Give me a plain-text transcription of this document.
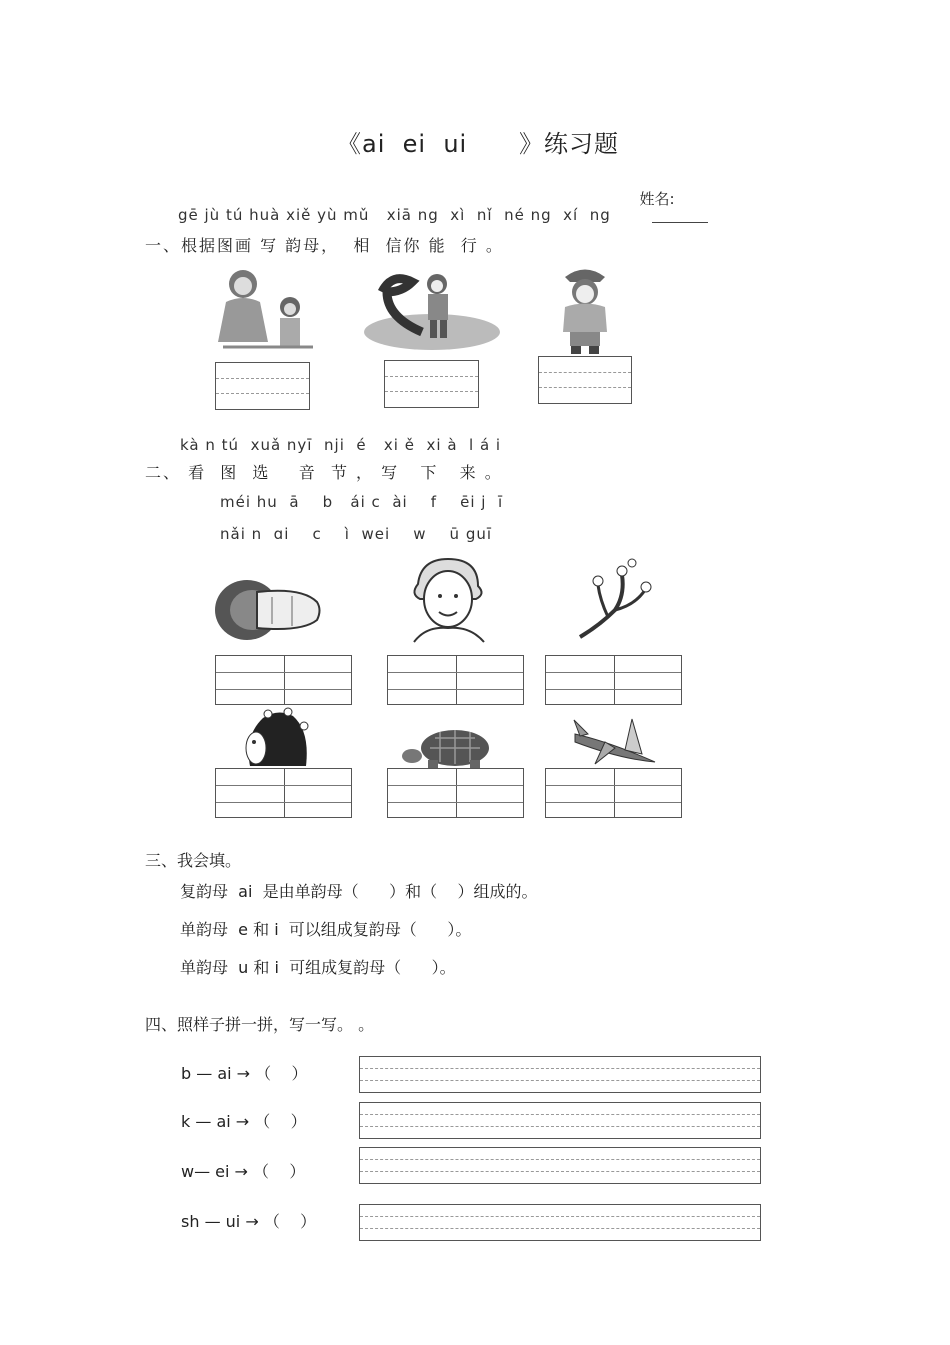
《ai  ei  ui      》练习题

姓名:

gē jù tú huà xiě yù mǔ   xiā ng  xì  nǐ  né ng  xí  ng
一、根据图画 写 韵母，  相  信你 能  行 。
kà n tú  xuǎ nyī  nji  é   xi ě  xi à  l á i
二、 看  图  选    音  节 ， 写   下   来 。
méi hu  ā    b   ái c  ài    f    ēi j  ī
nǎi n  ɑi    c    ì  wei    w    ū guī
三、我会填。
复韵母  ai  是由单韵母（      ）和（    ）组成的。
单韵母  e 和 i  可以组成复韵母（      ）。
单韵母  u 和 i  可组成复韵母（      ）。
四、照样子拼一拼，写一写。 。
b — ai → （    ）
k — ai → （    ）
w— ei → （    ）
sh — ui → （    ）
